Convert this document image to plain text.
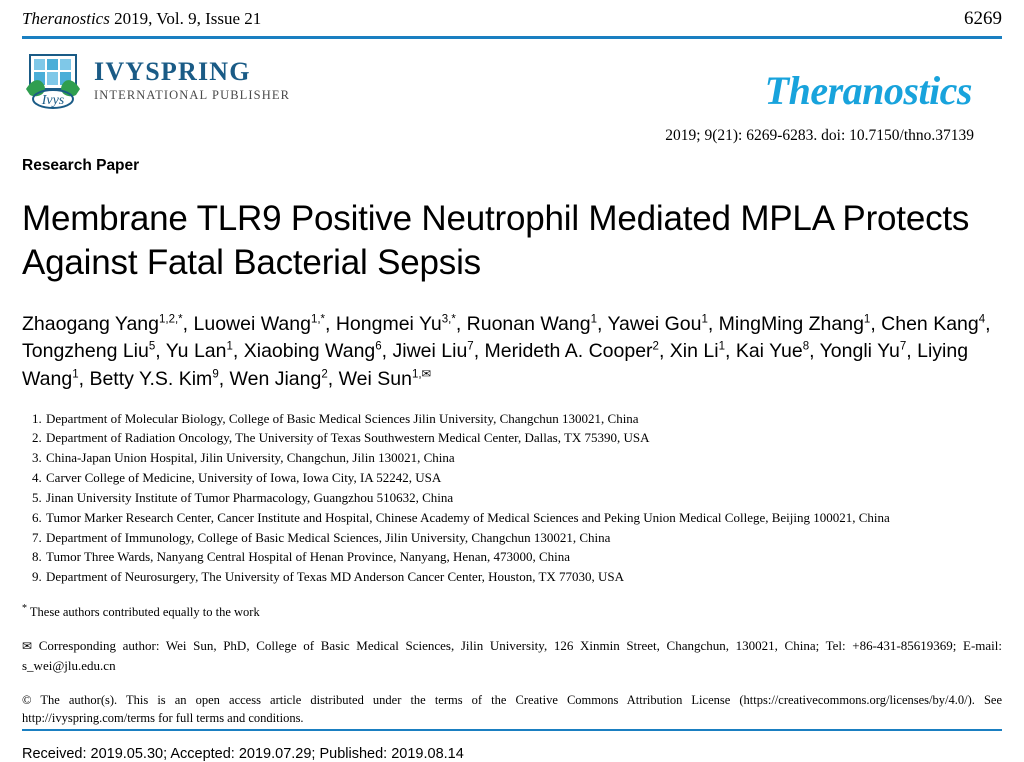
Theranostics 2019, Vol. 9, Issue 21	6269
Ivys
IVYSPRING
INTERNATIONAL PUBLISHER	Theranostics
2019; 9(21): 6269-6283. doi: 10.7150/thno.37139
Research Paper
Membrane TLR9 Positive Neutrophil Mediated MPLA Protects Against Fatal Bacterial Sepsis
Zhaogang Yang$^{1,2,*}$, Luowei Wang$^{1,*}$, Hongmei $Yu^{3,*}$, Ruonan Wang$^1$, Yawei Gou$^1$, MingMing Zhang$^1$, Chen Kang$^4$, Tongzheng Liu$^5$, Yu Lan$^1$, Xiaobing Wang$^6$, Jiwei Liu$^7$, Merideth A. Cooper$^2$, Xin Li$^1$, Kai Yue$^8$, Yongli Yu$^7$, Liying Wang$^1$, Betty Y.S. Kim$^9$, Wen Jiang$^2$, Wei Sun$^{1,✉}$
1. Department of Molecular Biology, College of Basic Medical Sciences Jilin University, Changchun 130021, China
2. Department of Radiation Oncology, The University of Texas Southwestern Medical Center, Dallas, TX 75390, USA
3. China-Japan Union Hospital, Jilin University, Changchun, Jilin 130021, China
4. Carver College of Medicine, University of Iowa, Iowa City, IA 52242, USA
5. Jinan University Institute of Tumor Pharmacology, Guangzhou 510632, China
6. Tumor Marker Research Center, Cancer Institute and Hospital, Chinese Academy of Medical Sciences and Peking Union Medical College, Beijing 100021, China
7. Department of Immunology, College of Basic Medical Sciences, Jilin University, Changchun 130021, China
8. Tumor Three Wards, Nanyang Central Hospital of Henan Province, Nanyang, Henan, 473000, China
9. Department of Neurosurgery, The University of Texas MD Anderson Cancer Center, Houston, TX 77030, USA
* These authors contributed equally to the work
✉ Corresponding author: Wei Sun, PhD, College of Basic Medical Sciences, Jilin University, 126 Xinmin Street, Changchun, 130021, China; Tel: +86-431-85619369; E-mail: s_wei@jlu.edu.cn
© The author(s). This is an open access article distributed under the terms of the Creative Commons Attribution License (https://creativecommons.org/licenses/by/4.0/). See http://ivyspring.com/terms for full terms and conditions.
Received: 2019.05.30; Accepted: 2019.07.29; Published: 2019.08.14
